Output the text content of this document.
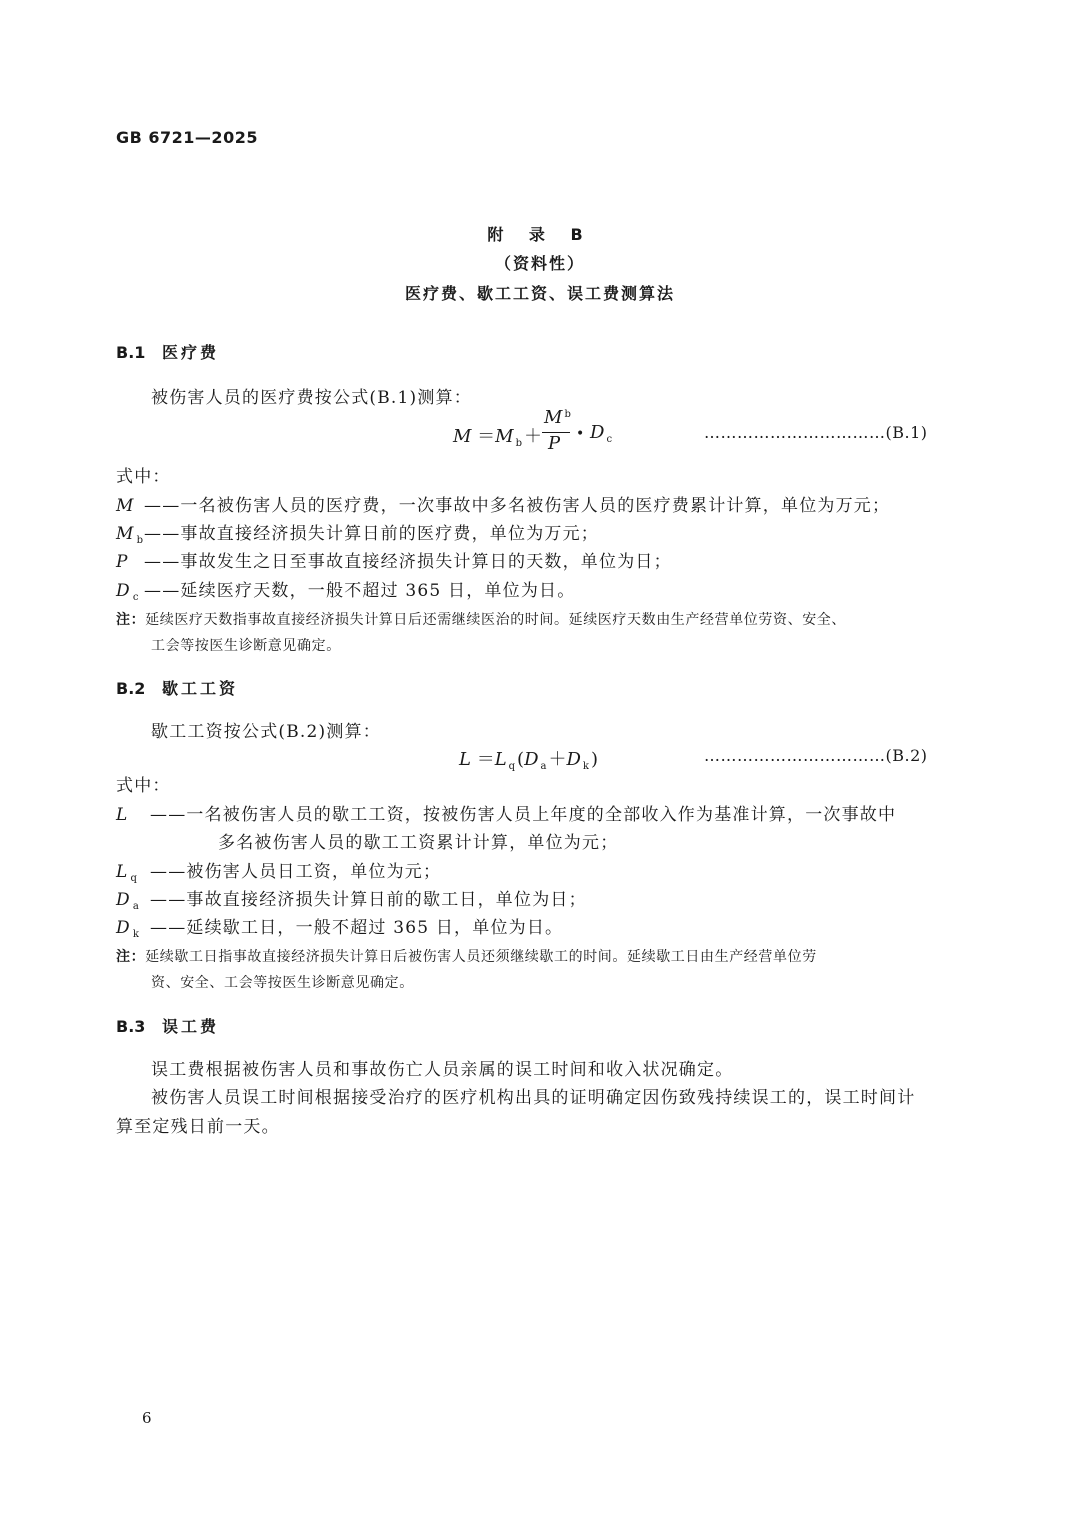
GB 6721—2025
附 录 B
（资料性）
医疗费、歇工工资、误工费测算法
B.1 医疗费
被伤害人员的医疗费按公式(B.1)测算：
M ＝M $_b$ ＋
M $^b$
P • D $_c$	……………………………(B.1)
式中：
M ——一名被伤害人员的医疗费，一次事故中多名被伤害人员的医疗费累计计算，单位为万元；
M $_b$——事故直接经济损失计算日前的医疗费，单位为万元；
P ——事故发生之日至事故直接经济损失计算日的天数，单位为日；
D $_c$ ——延续医疗天数，一般不超过 365 日，单位为日。
注：延续医疗天数指事故直接经济损失计算日后还需继续医治的时间。延续医疗天数由生产经营单位劳资、安全、
工会等按医生诊断意见确定。
B.2 歇工工资
歇工工资按公式(B.2)测算：
L ＝L $_q$ (D $_a$ ＋D $_k$ )	……………………………(B.2)
式中：
L ——一名被伤害人员的歇工工资，按被伤害人员上年度的全部收入作为基准计算，一次事故中
多名被伤害人员的歇工工资累计计算，单位为元；
L $_q$ ——被伤害人员日工资，单位为元；
D $_a$ ——事故直接经济损失计算日前的歇工日，单位为日；
D $_k$ ——延续歇工日，一般不超过 365 日，单位为日。
注：延续歇工日指事故直接经济损失计算日后被伤害人员还须继续歇工的时间。延续歇工日由生产经营单位劳
资、安全、工会等按医生诊断意见确定。
B.3 误工费
误工费根据被伤害人员和事故伤亡人员亲属的误工时间和收入状况确定。
被伤害人员误工时间根据接受治疗的医疗机构出具的证明确定因伤致残持续误工的，误工时间计
算至定残日前一天。
6
